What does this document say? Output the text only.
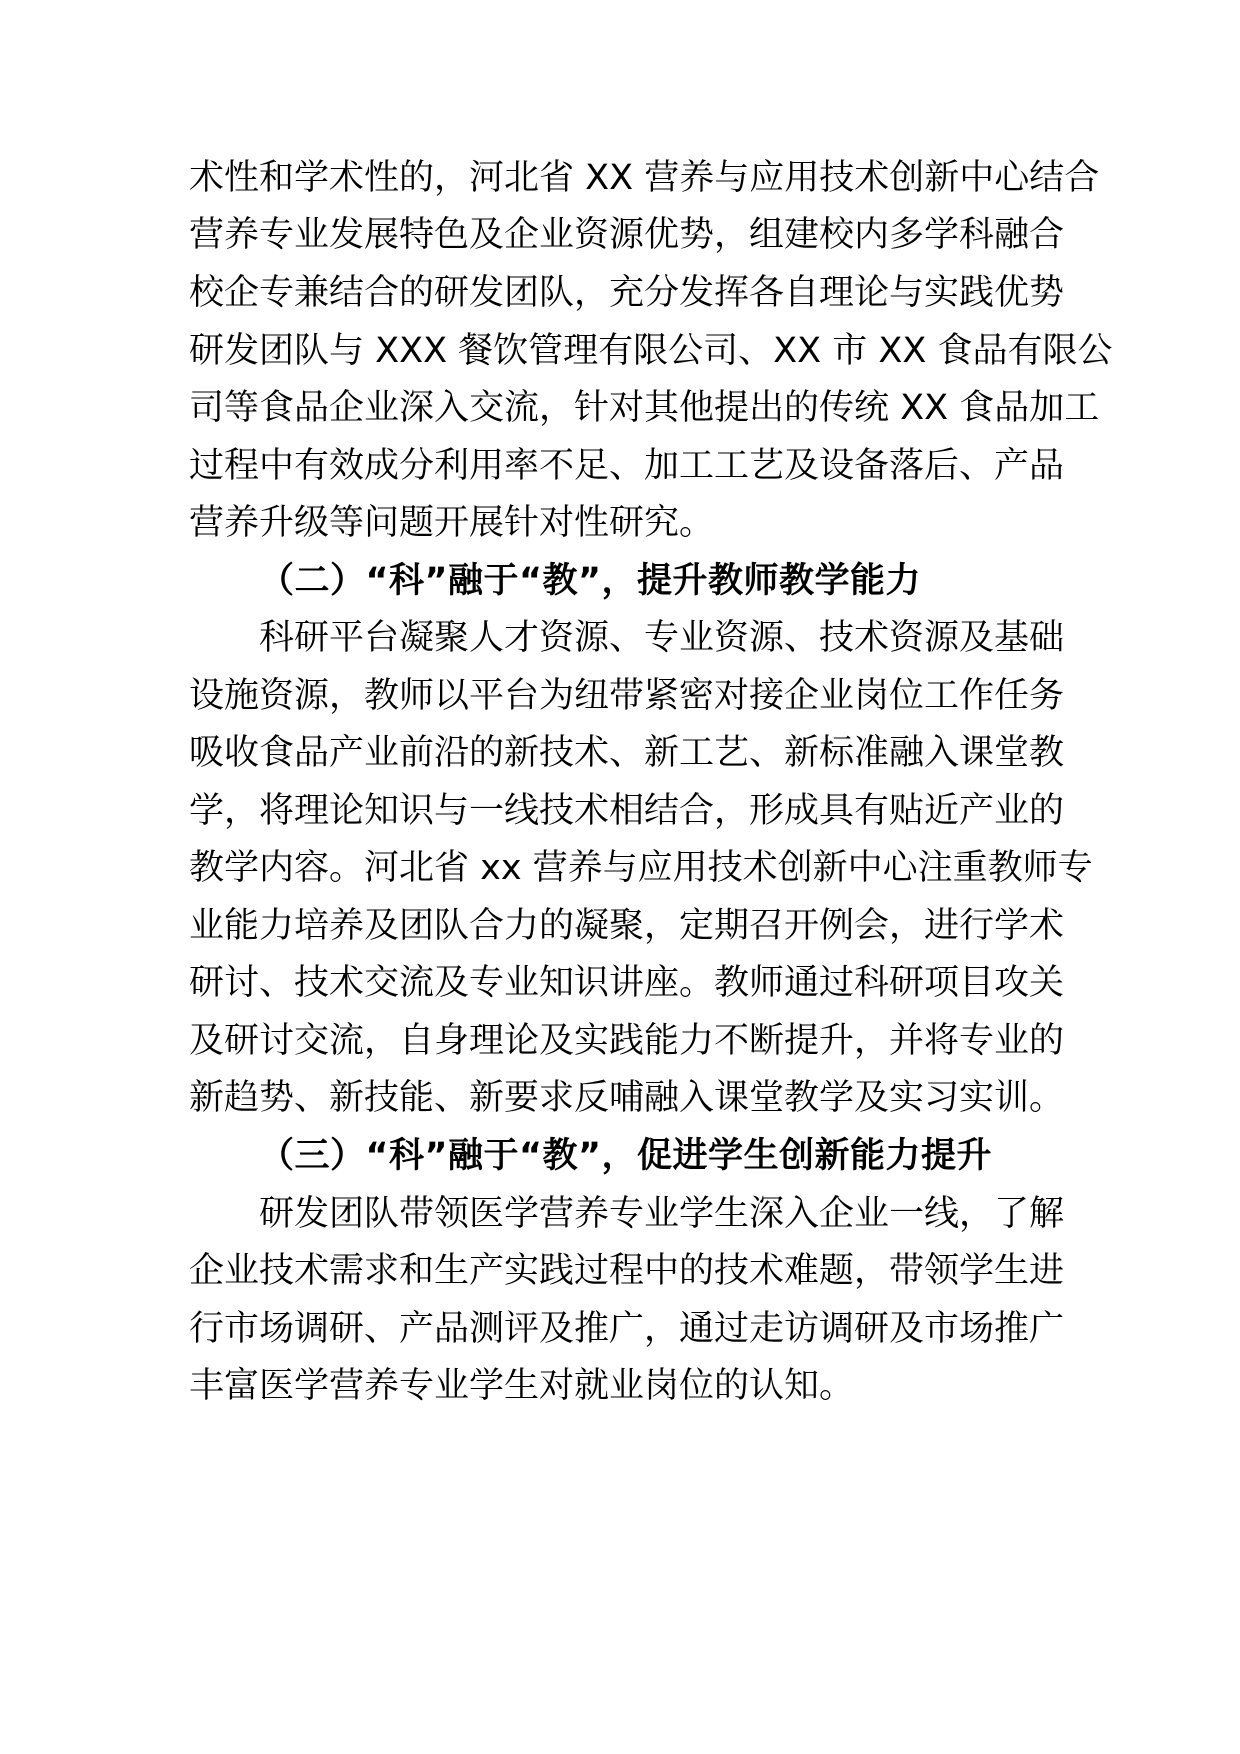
术性和学术性的，河北省 XX 营养与应用技术创新中心结合
营养专业发展特色及企业资源优势，组建校内多学科融合
校企专兼结合的研发团队，充分发挥各自理论与实践优势
研发团队与 XXX 餐饮管理有限公司、XX 市 XX 食品有限公
司等食品企业深入交流，针对其他提出的传统 XX 食品加工
过程中有效成分利用率不足、加工工艺及设备落后、产品
营养升级等问题开展针对性研究。
（二）“科”融于“教”，提升教师教学能力
科研平台凝聚人才资源、专业资源、技术资源及基础
设施资源，教师以平台为纽带紧密对接企业岗位工作任务
吸收食品产业前沿的新技术、新工艺、新标准融入课堂教
学，将理论知识与一线技术相结合，形成具有贴近产业的
教学内容。河北省 xx 营养与应用技术创新中心注重教师专
业能力培养及团队合力的凝聚，定期召开例会，进行学术
研讨、技术交流及专业知识讲座。教师通过科研项目攻关
及研讨交流，自身理论及实践能力不断提升，并将专业的
新趋势、新技能、新要求反哺融入课堂教学及实习实训。
（三）“科”融于“教”，促进学生创新能力提升
研发团队带领医学营养专业学生深入企业一线，了解
企业技术需求和生产实践过程中的技术难题，带领学生进
行市场调研、产品测评及推广，通过走访调研及市场推广
丰富医学营养专业学生对就业岗位的认知。
